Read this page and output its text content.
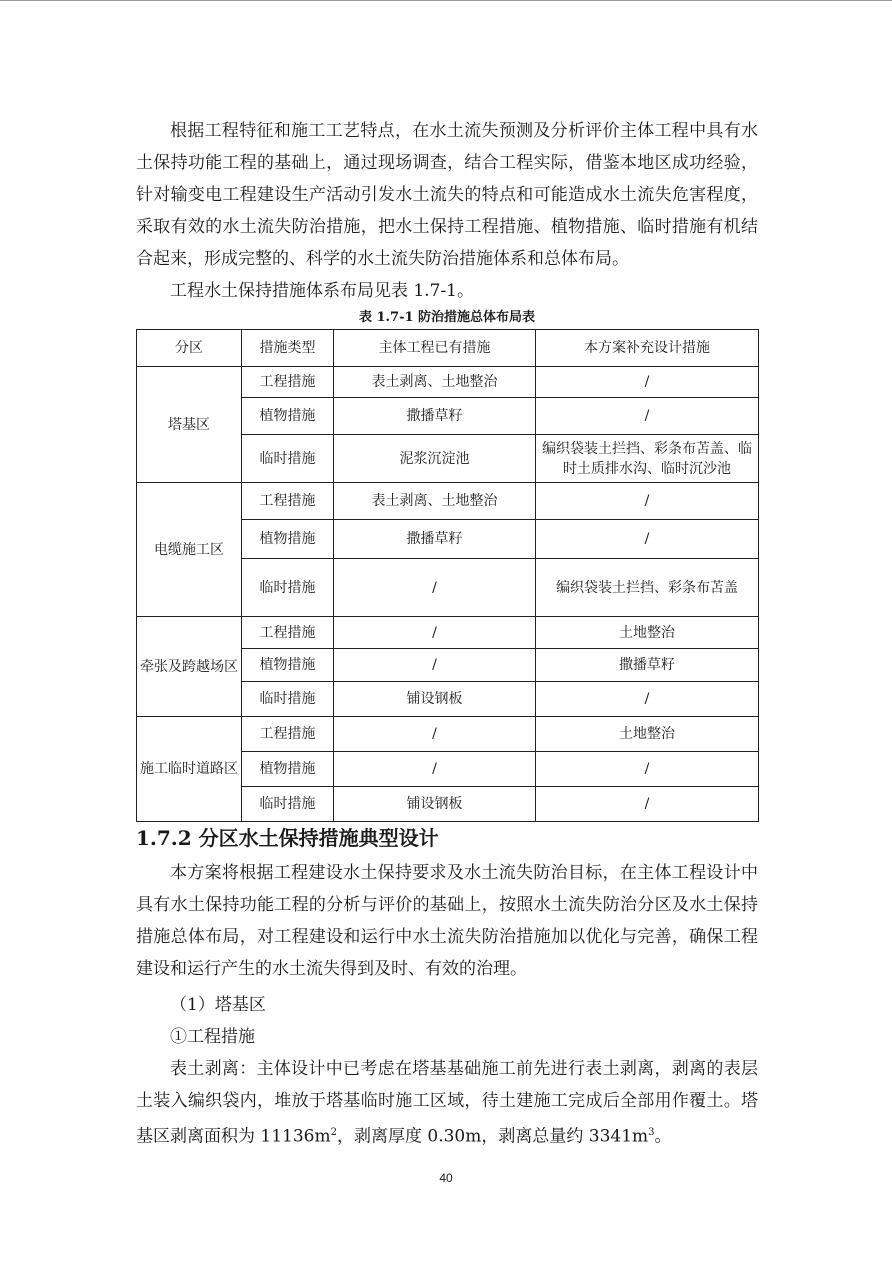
根据工程特征和施工工艺特点，在水土流失预测及分析评价主体工程中具有水土保持功能工程的基础上，通过现场调查，结合工程实际，借鉴本地区成功经验，针对输变电工程建设生产活动引发水土流失的特点和可能造成水土流失危害程度，采取有效的水土流失防治措施，把水土保持工程措施、植物措施、临时措施有机结合起来，形成完整的、科学的水土流失防治措施体系和总体布局。

工程水土保持措施体系布局见表 1.7-1。

表 1.7-1 防治措施总体布局表
分区	措施类型	主体工程已有措施	本方案补充设计措施
塔基区	工程措施	表土剥离、土地整治	/
	植物措施	撒播草籽	/
	临时措施	泥浆沉淀池	编织袋装土拦挡、彩条布苫盖、临时土质排水沟、临时沉沙池
电缆施工区	工程措施	表土剥离、土地整治	/
	植物措施	撒播草籽	/
	临时措施	/	编织袋装土拦挡、彩条布苫盖
牵张及跨越场区	工程措施	/	土地整治
	植物措施	/	撒播草籽
	临时措施	铺设钢板	/
施工临时道路区	工程措施	/	土地整治
	植物措施	/	/
	临时措施	铺设钢板	/
1.7.2 分区水土保持措施典型设计

本方案将根据工程建设水土保持要求及水土流失防治目标，在主体工程设计中具有水土保持功能工程的分析与评价的基础上，按照水土流失防治分区及水土保持措施总体布局，对工程建设和运行中水土流失防治措施加以优化与完善，确保工程建设和运行产生的水土流失得到及时、有效的治理。

（1）塔基区

①工程措施

表土剥离：主体设计中已考虑在塔基基础施工前先进行表土剥离，剥离的表层土装入编织袋内，堆放于塔基临时施工区域，待土建施工完成后全部用作覆土。塔基区剥离面积为 $11136m^2$，剥离厚度 0.30m，剥离总量约 $3341m^3$。

40
